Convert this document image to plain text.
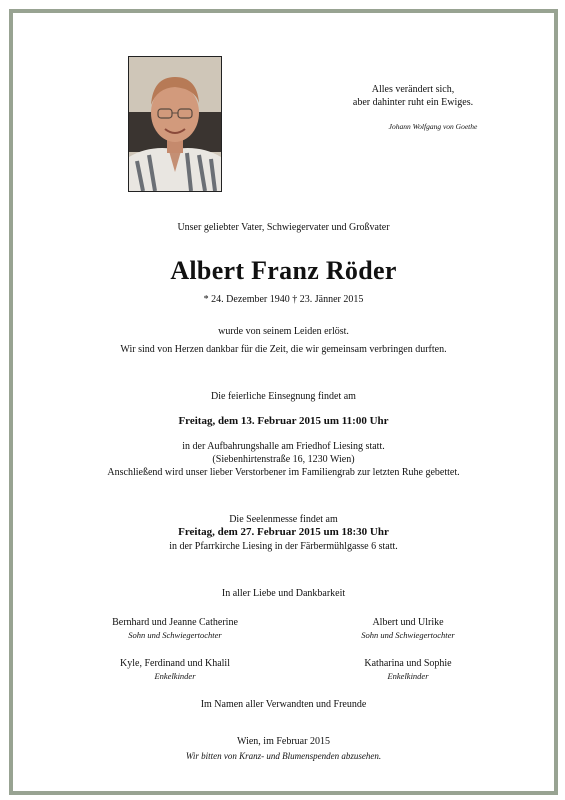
Alles verändert sich,
aber dahinter ruht ein Ewiges.
Johann Wolfgang von Goethe
Unser geliebter Vater, Schwiegervater und Großvater
Albert Franz Röder
* 24. Dezember 1940 † 23. Jänner 2015
wurde von seinem Leiden erlöst.
Wir sind von Herzen dankbar für die Zeit, die wir gemeinsam verbringen durften.
Die feierliche Einsegnung findet am
Freitag, dem 13. Februar 2015 um 11:00 Uhr
in der Aufbahrungshalle am Friedhof Liesing statt.
(Siebenhirtenstraße 16, 1230 Wien)
Anschließend wird unser lieber Verstorbener im Familiengrab zur letzten Ruhe gebettet.
Die Seelenmesse findet am
Freitag, dem 27. Februar 2015 um 18:30 Uhr
in der Pfarrkirche Liesing in der Färbermühlgasse 6 statt.
In aller Liebe und Dankbarkeit
Bernhard und Jeanne Catherine
Sohn und Schwiegertochter
Albert und Ulrike
Sohn und Schwiegertochter
Kyle, Ferdinand und Khalil
Enkelkinder
Katharina und Sophie
Enkelkinder
Im Namen aller Verwandten und Freunde
Wien, im Februar 2015
Wir bitten von Kranz- und Blumenspenden abzusehen.
